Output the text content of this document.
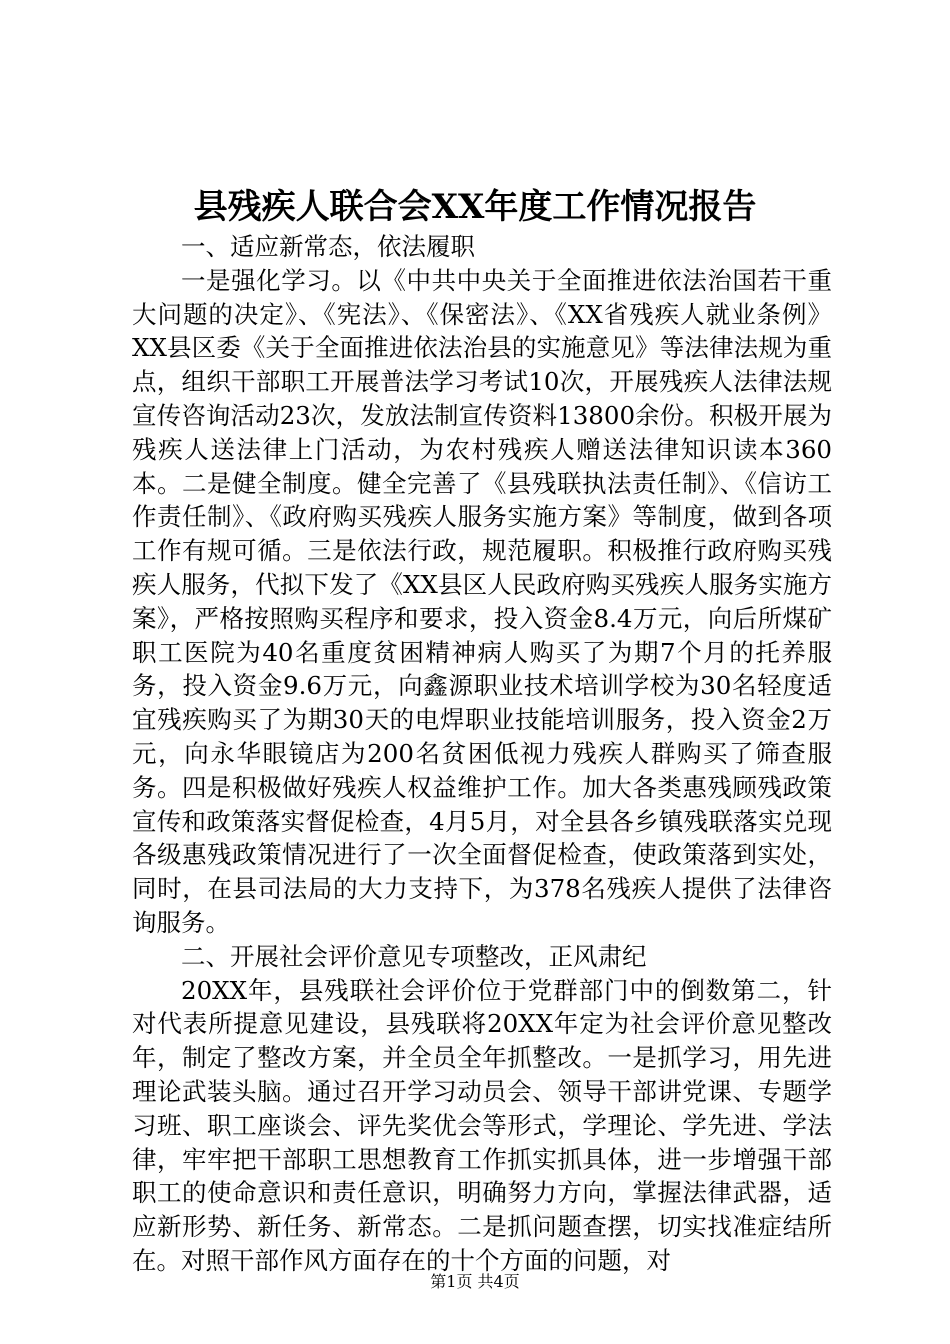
县残疾人联合会XX年度工作情况报告

一、适应新常态，依法履职

一是强化学习。以《中共中央关于全面推进依法治国若干重大问题的决定》、《宪法》、《保密法》、《XX省残疾人就业条例》XX县区委《关于全面推进依法治县的实施意见》等法律法规为重点，组织干部职工开展普法学习考试10次，开展残疾人法律法规宣传咨询活动23次，发放法制宣传资料13800余份。积极开展为残疾人送法律上门活动，为农村残疾人赠送法律知识读本360本。二是健全制度。健全完善了《县残联执法责任制》、《信访工作责任制》、《政府购买残疾人服务实施方案》等制度，做到各项工作有规可循。三是依法行政，规范履职。积极推行政府购买残疾人服务，代拟下发了《XX县区人民政府购买残疾人服务实施方案》，严格按照购买程序和要求，投入资金8.4万元，向后所煤矿职工医院为40名重度贫困精神病人购买了为期7个月的托养服务，投入资金9.6万元，向鑫源职业技术培训学校为30名轻度适宜残疾购买了为期30天的电焊职业技能培训服务，投入资金2万元，向永华眼镜店为200名贫困低视力残疾人群购买了筛查服务。四是积极做好残疾人权益维护工作。加大各类惠残顾残政策宣传和政策落实督促检查，4月5月，对全县各乡镇残联落实兑现各级惠残政策情况进行了一次全面督促检查，使政策落到实处，同时，在县司法局的大力支持下，为378名残疾人提供了法律咨询服务。

二、开展社会评价意见专项整改，正风肃纪

20XX年，县残联社会评价位于党群部门中的倒数第二，针对代表所提意见建设，县残联将20XX年定为社会评价意见整改年，制定了整改方案，并全员全年抓整改。一是抓学习，用先进理论武装头脑。通过召开学习动员会、领导干部讲党课、专题学习班、职工座谈会、评先奖优会等形式，学理论、学先进、学法律，牢牢把干部职工思想教育工作抓实抓具体，进一步增强干部职工的使命意识和责任意识，明确努力方向，掌握法律武器，适应新形势、新任务、新常态。二是抓问题查摆，切实找准症结所在。对照干部作风方面存在的十个方面的问题，对

第1页 共4页
